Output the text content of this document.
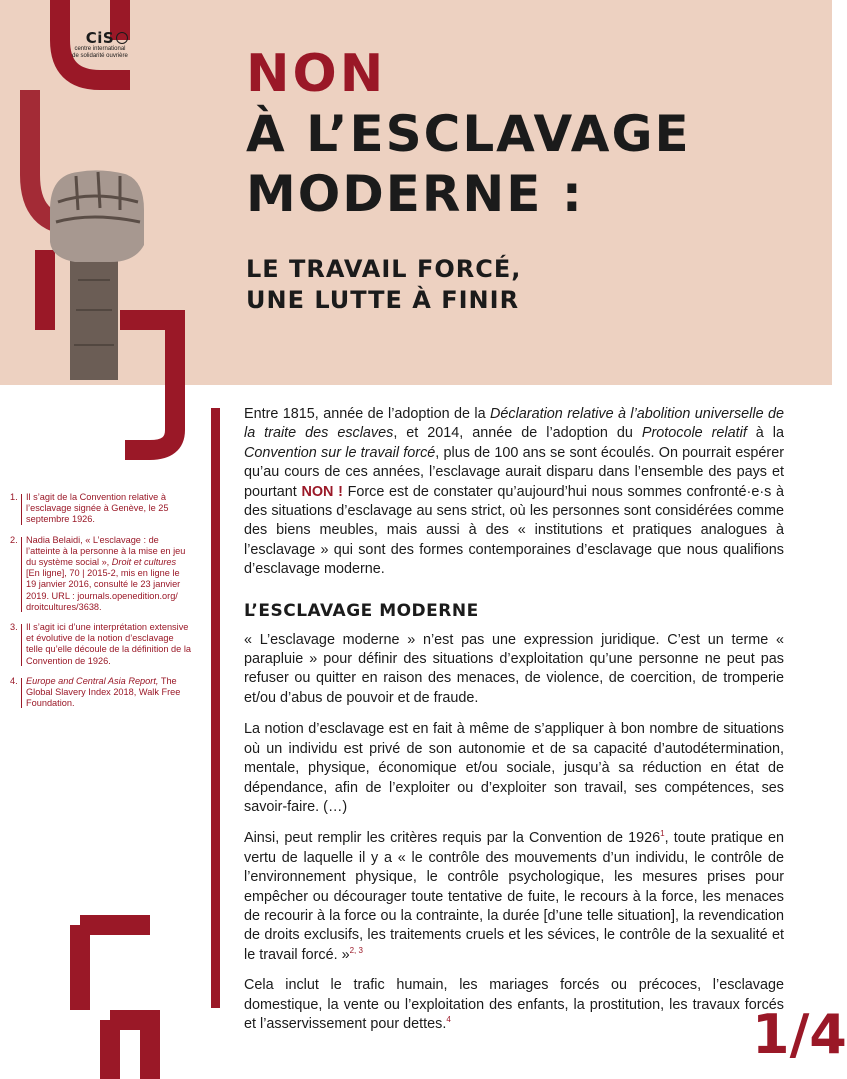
CiS
centre international
de solidarité ouvrière NON
À L’ESCLAVAGE
MODERNE :
LE TRAVAIL FORCÉ,
UNE LUTTE À FINIR
1. Il s’agit de la Convention relative à l’esclavage signée à Genève, le 25 septembre 1926.
2. Nadia Belaidi, « L’esclavage : de l’atteinte à la personne à la mise en jeu du système social », Droit et cultures [En ligne], 70 | 2015-2, mis en ligne le 19 janvier 2016, consulté le 23 janvier 2019. URL : journals.openedition.org/ droitcultures/3638.
3. Il s’agit ici d’une interprétation extensive et évolutive de la notion d’esclavage telle qu’elle découle de la définition de la Convention de 1926.
4. Europe and Central Asia Report, The Global Slavery Index 2018, Walk Free Foundation.

Entre 1815, année de l’adoption de la Déclaration relative à l’abolition universelle de la traite des esclaves, et 2014, année de l’adoption du Protocole relatif à la Convention sur le travail forcé, plus de 100 ans se sont écoulés. On pourrait espérer qu’au cours de ces années, l’esclavage aurait disparu dans l’ensemble des pays et pourtant NON ! Force est de constater qu’aujourd’hui nous sommes confronté·e·s à des situations d’esclavage au sens strict, où les personnes sont considérées comme des biens meubles, mais aussi à des « institutions et pratiques analogues à l’esclavage » qui sont des formes contemporaines d’esclavage que nous qualifions d’esclavage moderne.

L’ESCLAVAGE MODERNE

« L’esclavage moderne » n’est pas une expression juridique. C’est un terme « parapluie » pour définir des situations d’exploitation qu’une personne ne peut pas refuser ou quitter en raison des menaces, de violence, de coercition, de tromperie et/ou d’abus de pouvoir et de fraude.

La notion d’esclavage est en fait à même de s’appliquer à bon nombre de situations où un individu est privé de son autonomie et de sa capacité d’autodétermination, mentale, physique, économique et/ou sociale, jusqu’à sa réduction en état de dépendance, afin de l’exploiter ou d’exploiter son travail, ses compétences, ses savoir-faire. (…)

Ainsi, peut remplir les critères requis par la Convention de 1926$^1$, toute pratique en vertu de laquelle il y a « le contrôle des mouvements d’un individu, le contrôle de l’environnement physique, le contrôle psychologique, les mesures prises pour empêcher ou décourager toute tentative de fuite, le recours à la force, les menaces de recourir à la force ou la contrainte, la durée [d’une telle situation], la revendication de droits exclusifs, les traitements cruels et les sévices, le contrôle de la sexualité et le travail forcé. »$^{2, 3}$

Cela inclut le trafic humain, les mariages forcés ou précoces, l’esclavage domestique, la vente ou l’exploitation des enfants, la prostitution, les travaux forcés et l’asservissement pour dettes.$^4$	1/4
